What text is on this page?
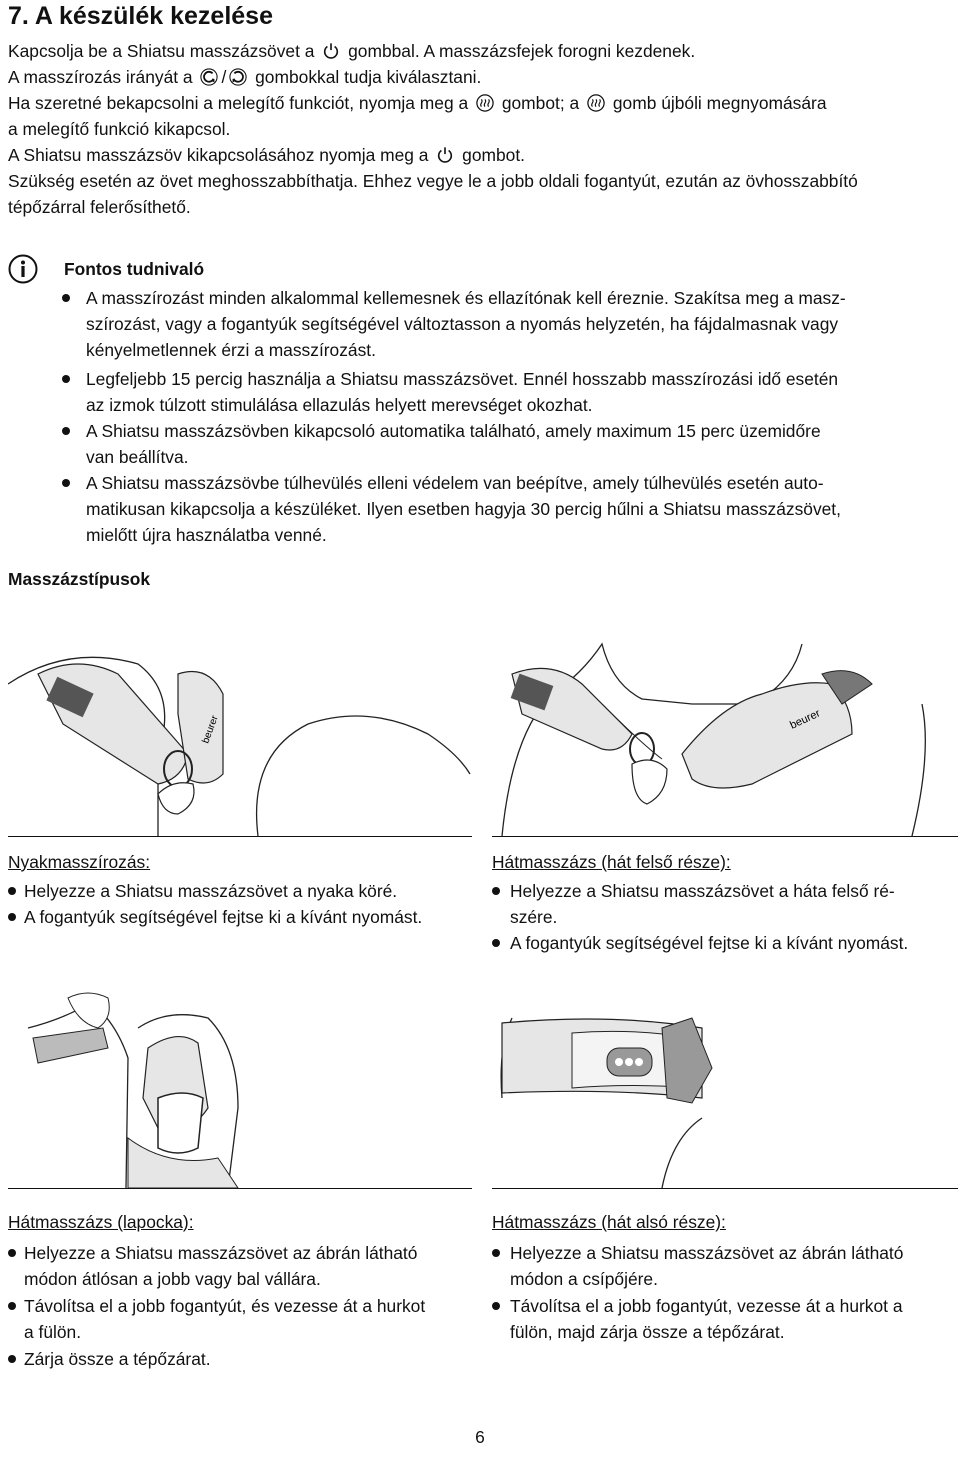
7. A készülék kezelése
Kapcsolja be a Shiatsu masszázsövet a gombbal. A masszázsfejek forogni kezdenek.
A masszírozás irányát a / gombokkal tudja kiválasztani.
Ha szeretné bekapcsolni a melegítő funkciót, nyomja meg a gombot; a gomb újbóli megnyomására
a melegítő funkció kikapcsol.
A Shiatsu masszázsöv kikapcsolásához nyomja meg a gombot.
Szükség esetén az övet meghosszabbíthatja. Ehhez vegye le a jobb oldali fogantyút, ezután az övhosszabbító
tépőzárral felerősíthető.
Fontos tudnivaló
A masszírozást minden alkalommal kellemesnek és ellazítónak kell éreznie. Szakítsa meg a masz-
szírozást, vagy a fogantyúk segítségével változtasson a nyomás helyzetén, ha fájdalmasnak vagy
kényelmetlennek érzi a masszírozást.
Legfeljebb 15 percig használja a Shiatsu masszázsövet. Ennél hosszabb masszírozási idő esetén
az izmok túlzott stimulálása ellazulás helyett merevséget okozhat.
A Shiatsu masszázsövben kikapcsoló automatika található, amely maximum 15 perc üzemidőre
van beállítva.
A Shiatsu masszázsövbe túlhevülés elleni védelem van beépítve, amely túlhevülés esetén auto-
matikusan kikapcsolja a készüléket. Ilyen esetben hagyja 30 percig hűlni a Shiatsu masszázsövet,
mielőtt újra használatba venné.
Masszázstípusok
beurer	beurer
Nyakmasszírozás:
Helyezze a Shiatsu masszázsövet a nyaka köré.
A fogantyúk segítségével fejtse ki a kívánt nyomást.
Hátmasszázs (hát felső része):
Helyezze a Shiatsu masszázsövet a háta felső ré-
szére.
A fogantyúk segítségével fejtse ki a kívánt nyomást.
Hátmasszázs (lapocka):
Helyezze a Shiatsu masszázsövet az ábrán látható
módon átlósan a jobb vagy bal vállára.
Távolítsa el a jobb fogantyút, és vezesse át a hurkot
a fülön.
Zárja össze a tépőzárat.
Hátmasszázs (hát alsó része):
Helyezze a Shiatsu masszázsövet az ábrán látható
módon a csípőjére.
Távolítsa el a jobb fogantyút, vezesse át a hurkot a
fülön, majd zárja össze a tépőzárat.
6
